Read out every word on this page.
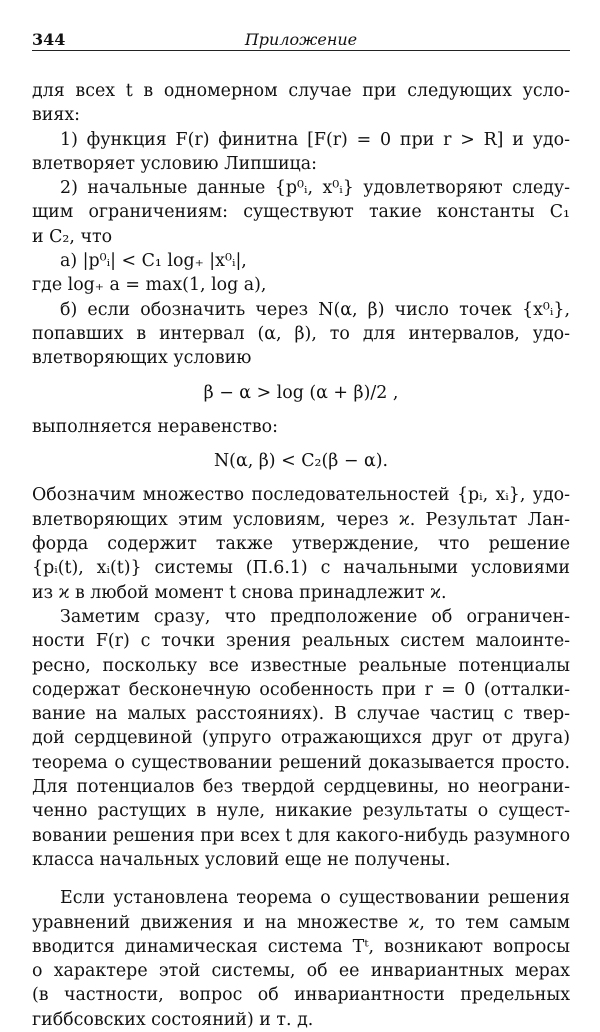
344	Приложение
для всех t в одномерном случае при следующих усло-
виях:
1) функция F(r) финитна [F(r) = 0 при r > R] и удо-
влетворяет условию Липшица:
2) начальные данные {p⁰ᵢ, x⁰ᵢ} удовлетворяют следу-
щим ограничениям: существуют такие константы C₁
и C₂, что
а) |p⁰ᵢ| < C₁ log₊ |x⁰ᵢ|,
где log₊ a = max(1, log a),
б) если обозначить через N(α, β) число точек {x⁰ᵢ},
попавших в интервал (α, β), то для интервалов, удо-
влетворяющих условию
β − α > log (α + β)/2 ,
выполняется неравенство:
N(α, β) < C₂(β − α).
Обозначим множество последовательностей {pᵢ, xᵢ}, удо-
влетворяющих этим условиям, через ϰ. Результат Лан-
форда содержит также утверждение, что решение
{pᵢ(t), xᵢ(t)} системы (П.6.1) с начальными условиями
из ϰ в любой момент t снова принадлежит ϰ.
Заметим сразу, что предположение об ограничен-
ности F(r) с точки зрения реальных систем малоинте-
ресно, поскольку все известные реальные потенциалы
содержат бесконечную особенность при r = 0 (отталки-
вание на малых расстояниях). В случае частиц с твер-
дой сердцевиной (упруго отражающихся друг от друга)
теорема о существовании решений доказывается просто.
Для потенциалов без твердой сердцевины, но неограни-
ченно растущих в нуле, никакие результаты о сущест-
вовании решения при всех t для какого-нибудь разумного
класса начальных условий еще не получены.
Если установлена теорема о существовании решения
уравнений движения и на множестве ϰ, то тем самым
вводится динамическая система Tᵗ, возникают вопросы
о характере этой системы, об ее инвариантных мерах
(в частности, вопрос об инвариантности предельных
гиббсовских состояний) и т. д.
